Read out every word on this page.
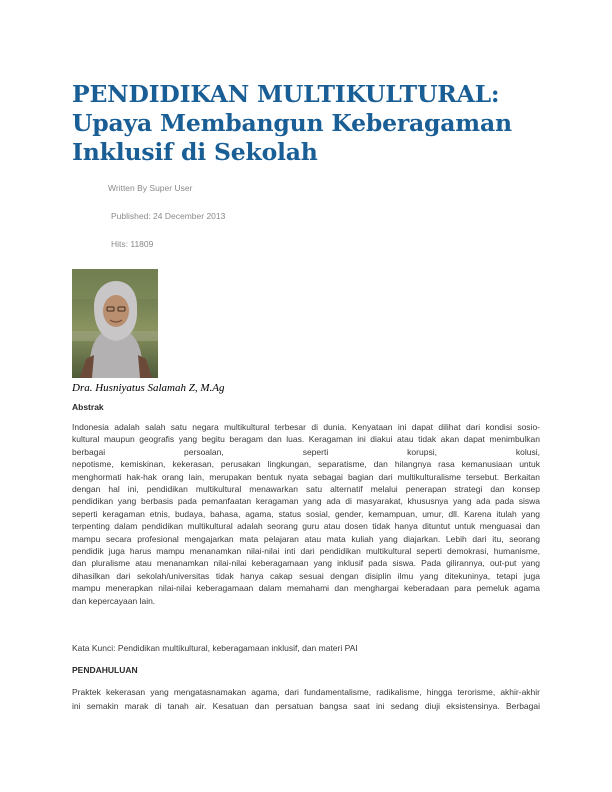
PENDIDIKAN MULTIKULTURAL:
Upaya Membangun Keberagaman
Inklusif di Sekolah
Written By Super User
Published: 24 December 2013
Hits: 11809
Dra. Husniyatus Salamah Z, M.Ag
Abstrak
Indonesia adalah salah satu negara multikultural terbesar di dunia. Kenyataan ini dapat dilihat dari kondisi sosio-
kultural maupun geografis yang begitu beragam dan luas. Keragaman ini diakui atau tidak akan dapat menimbulkan berbagai persoalan, seperti korupsi, kolusi,
nepotisme, kemiskinan, kekerasan, perusakan lingkungan, separatisme, dan hilangnya rasa kemanusiaan untuk
menghormati hak-hak orang lain, merupakan bentuk nyata sebagai bagian dari multikulturalisme tersebut. Berkaitan
dengan hal ini, pendidikan multikultural menawarkan satu alternatif melalui penerapan strategi dan konsep
pendidikan yang berbasis pada pemanfaatan keragaman yang ada di masyarakat, khususnya yang ada pada siswa
seperti keragaman etnis, budaya, bahasa, agama, status sosial, gender, kemampuan, umur, dll. Karena itulah yang
terpenting dalam pendidikan multikultural adalah seorang guru atau dosen tidak hanya dituntut untuk menguasai dan
mampu secara profesional mengajarkan mata pelajaran atau mata kuliah yang diajarkan. Lebih dari itu, seorang
pendidik juga harus mampu menanamkan nilai-nilai inti dari pendidikan multikultural seperti demokrasi, humanisme,
dan pluralisme atau menanamkan nilai-nilai keberagamaan yang inklusif pada siswa. Pada gilirannya, out-put yang
dihasilkan dari sekolah/universitas tidak hanya cakap sesuai dengan disiplin ilmu yang ditekuninya, tetapi juga
mampu menerapkan nilai-nilai keberagamaan dalam memahami dan menghargai keberadaan para pemeluk agama
dan kepercayaan lain.
Kata Kunci: Pendidikan multikultural, keberagamaan inklusif, dan materi PAI
PENDAHULUAN
Praktek kekerasan yang mengatasnamakan agama, dari fundamentalisme, radikalisme, hingga terorisme, akhir-akhir
ini semakin marak di tanah air. Kesatuan dan persatuan bangsa saat ini sedang diuji eksistensinya. Berbagai
